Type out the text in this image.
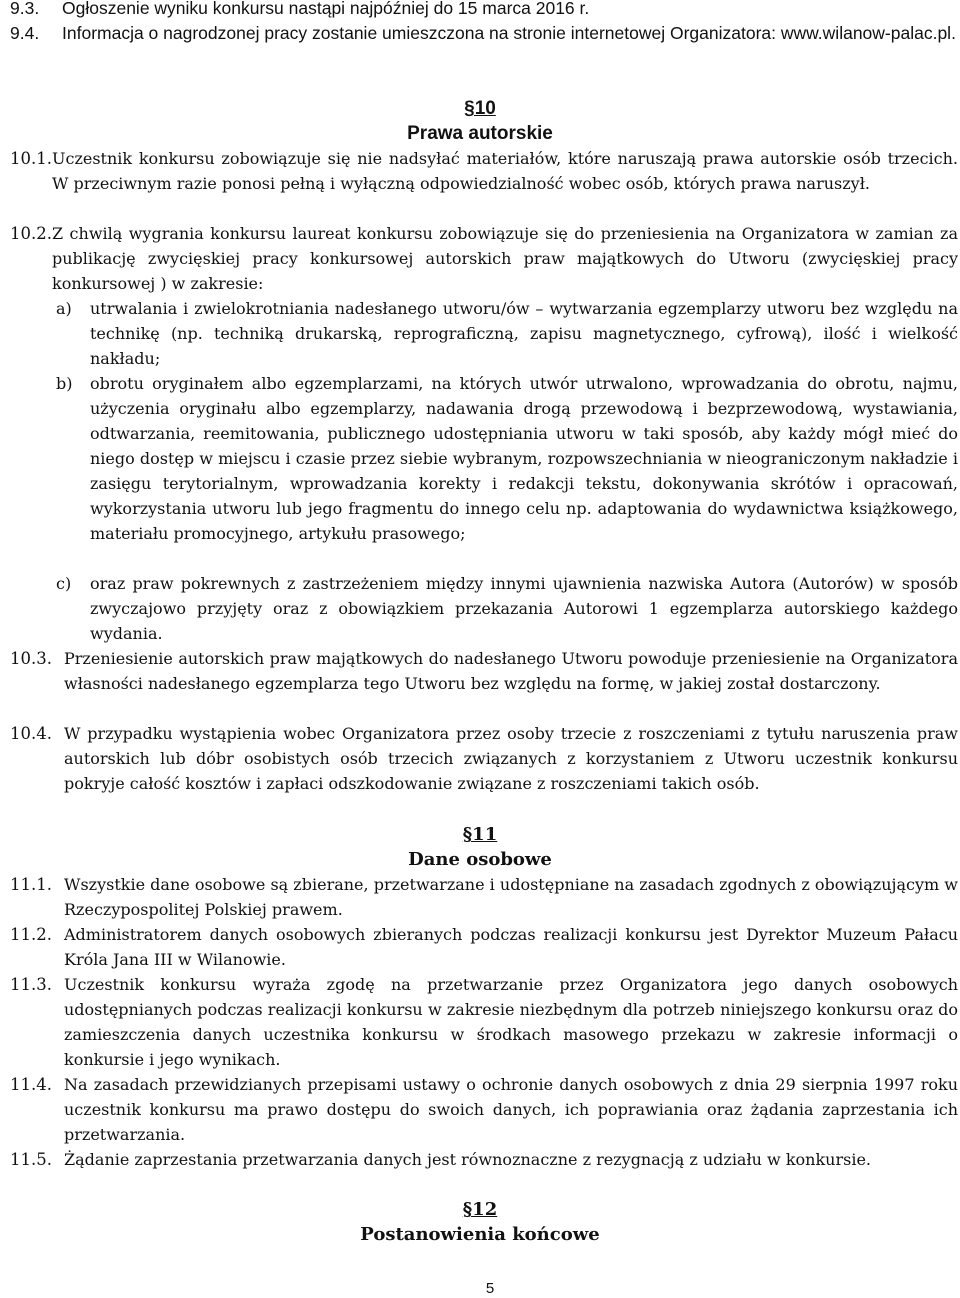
9.3. Ogłoszenie wyniku konkursu nastąpi najpóźniej do 15 marca 2016 r.
9.4. Informacja o nagrodzonej pracy zostanie umieszczona na stronie internetowej Organizatora: www.wilanow-palac.pl.
§10
Prawa autorskie
10.1. Uczestnik konkursu zobowiązuje się nie nadsyłać materiałów, które naruszają prawa autorskie osób trzecich. W przeciwnym razie ponosi pełną i wyłączną odpowiedzialność wobec osób, których prawa naruszył.
10.2. Z chwilą wygrania konkursu laureat konkursu zobowiązuje się do przeniesienia na Organizatora w zamian za publikację zwycięskiej pracy konkursowej autorskich praw majątkowych do Utworu (zwycięskiej pracy konkursowej ) w zakresie:
a) utrwalania i zwielokrotniania nadesłanego utworu/ów – wytwarzania egzemplarzy utworu bez względu na technikę (np. techniką drukarską, reprograficzną, zapisu magnetycznego, cyfrową), ilość i wielkość nakładu;
b) obrotu oryginałem albo egzemplarzami, na których utwór utrwalono, wprowadzania do obrotu, najmu, użyczenia oryginału albo egzemplarzy, nadawania drogą przewodową i bezprzewodową, wystawiania, odtwarzania, reemitowania, publicznego udostępniania utworu w taki sposób, aby każdy mógł mieć do niego dostęp w miejscu i czasie przez siebie wybranym, rozpowszechniania w nieograniczonym nakładzie i zasięgu terytorialnym, wprowadzania korekty i redakcji tekstu, dokonywania skrótów i opracowań, wykorzystania utworu lub jego fragmentu do innego celu np. adaptowania do wydawnictwa książkowego, materiału promocyjnego, artykułu prasowego;
c) oraz praw pokrewnych z zastrzeżeniem między innymi ujawnienia nazwiska Autora (Autorów) w sposób zwyczajowo przyjęty oraz z obowiązkiem przekazania Autorowi 1 egzemplarza autorskiego każdego wydania.
10.3. Przeniesienie autorskich praw majątkowych do nadesłanego Utworu powoduje przeniesienie na Organizatora własności nadesłanego egzemplarza tego Utworu bez względu na formę, w jakiej został dostarczony.
10.4. W przypadku wystąpienia wobec Organizatora przez osoby trzecie z roszczeniami z tytułu naruszenia praw autorskich lub dóbr osobistych osób trzecich związanych z korzystaniem z Utworu uczestnik konkursu pokryje całość kosztów i zapłaci odszkodowanie związane z roszczeniami takich osób.
§11
Dane osobowe
11.1. Wszystkie dane osobowe są zbierane, przetwarzane i udostępniane na zasadach zgodnych z obowiązującym w Rzeczypospolitej Polskiej prawem.
11.2. Administratorem danych osobowych zbieranych podczas realizacji konkursu jest Dyrektor Muzeum Pałacu Króla Jana III w Wilanowie.
11.3. Uczestnik konkursu wyraża zgodę na przetwarzanie przez Organizatora jego danych osobowych udostępnianych podczas realizacji konkursu w zakresie niezbędnym dla potrzeb niniejszego konkursu oraz do zamieszczenia danych uczestnika konkursu w środkach masowego przekazu w zakresie informacji o konkursie i jego wynikach.
11.4. Na zasadach przewidzianych przepisami ustawy o ochronie danych osobowych z dnia 29 sierpnia 1997 roku uczestnik konkursu ma prawo dostępu do swoich danych, ich poprawiania oraz żądania zaprzestania ich przetwarzania.
11.5. Żądanie zaprzestania przetwarzania danych jest równoznaczne z rezygnacją z udziału w konkursie.
§12
Postanowienia końcowe
5
